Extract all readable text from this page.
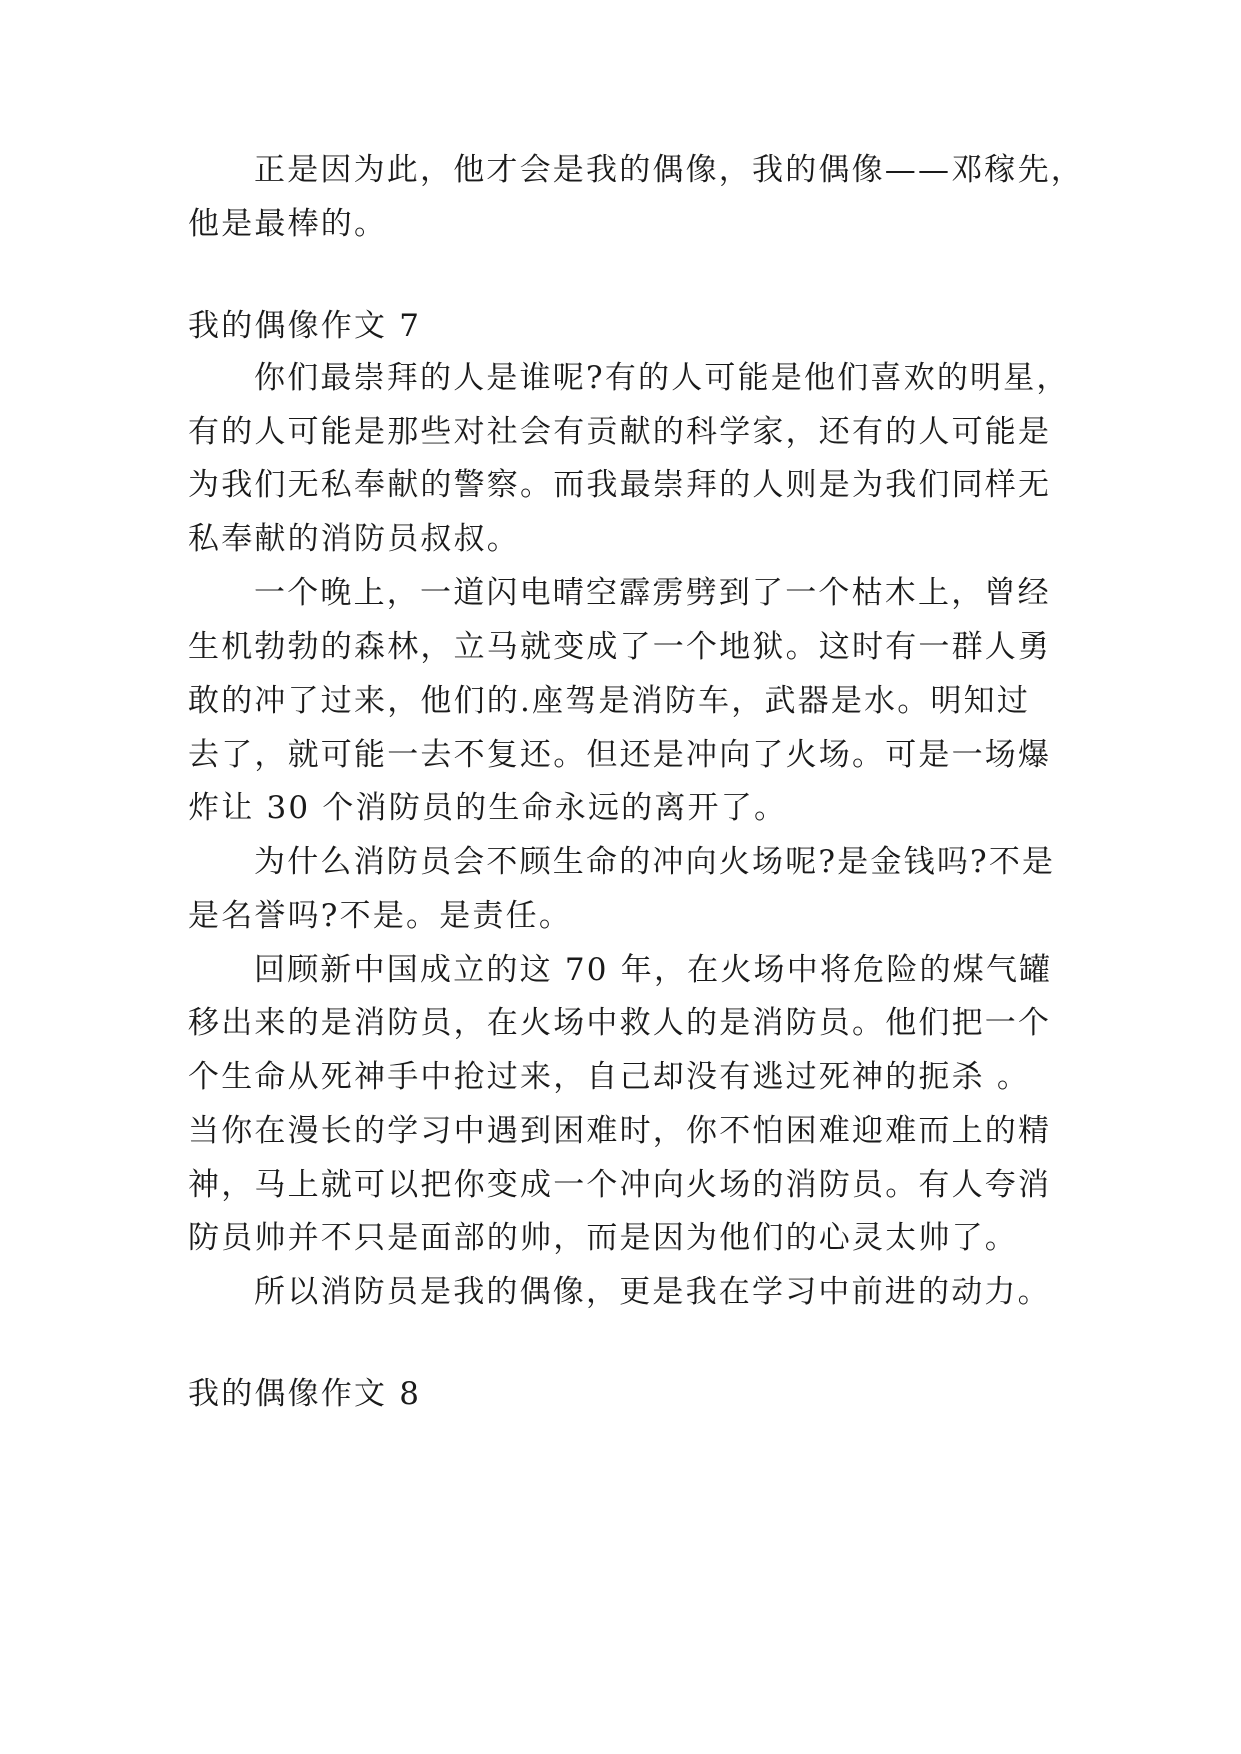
正是因为此，他才会是我的偶像，我的偶像——邓稼先，
他是最棒的。
我的偶像作文 7
你们最崇拜的人是谁呢?有的人可能是他们喜欢的明星，
有的人可能是那些对社会有贡献的科学家，还有的人可能是
为我们无私奉献的警察。而我最崇拜的人则是为我们同样无
私奉献的消防员叔叔。
一个晚上，一道闪电晴空霹雳劈到了一个枯木上，曾经
生机勃勃的森林，立马就变成了一个地狱。这时有一群人勇
敢的冲了过来，他们的.座驾是消防车，武器是水。明知过
去了，就可能一去不复还。但还是冲向了火场。可是一场爆
炸让 30 个消防员的生命永远的离开了。
为什么消防员会不顾生命的冲向火场呢?是金钱吗?不是
是名誉吗?不是。是责任。
回顾新中国成立的这 70 年，在火场中将危险的煤气罐
移出来的是消防员，在火场中救人的是消防员。他们把一个
个生命从死神手中抢过来，自己却没有逃过死神的扼杀 。
当你在漫长的学习中遇到困难时，你不怕困难迎难而上的精
神，马上就可以把你变成一个冲向火场的消防员。有人夸消
防员帅并不只是面部的帅，而是因为他们的心灵太帅了。
所以消防员是我的偶像，更是我在学习中前进的动力。
我的偶像作文 8
